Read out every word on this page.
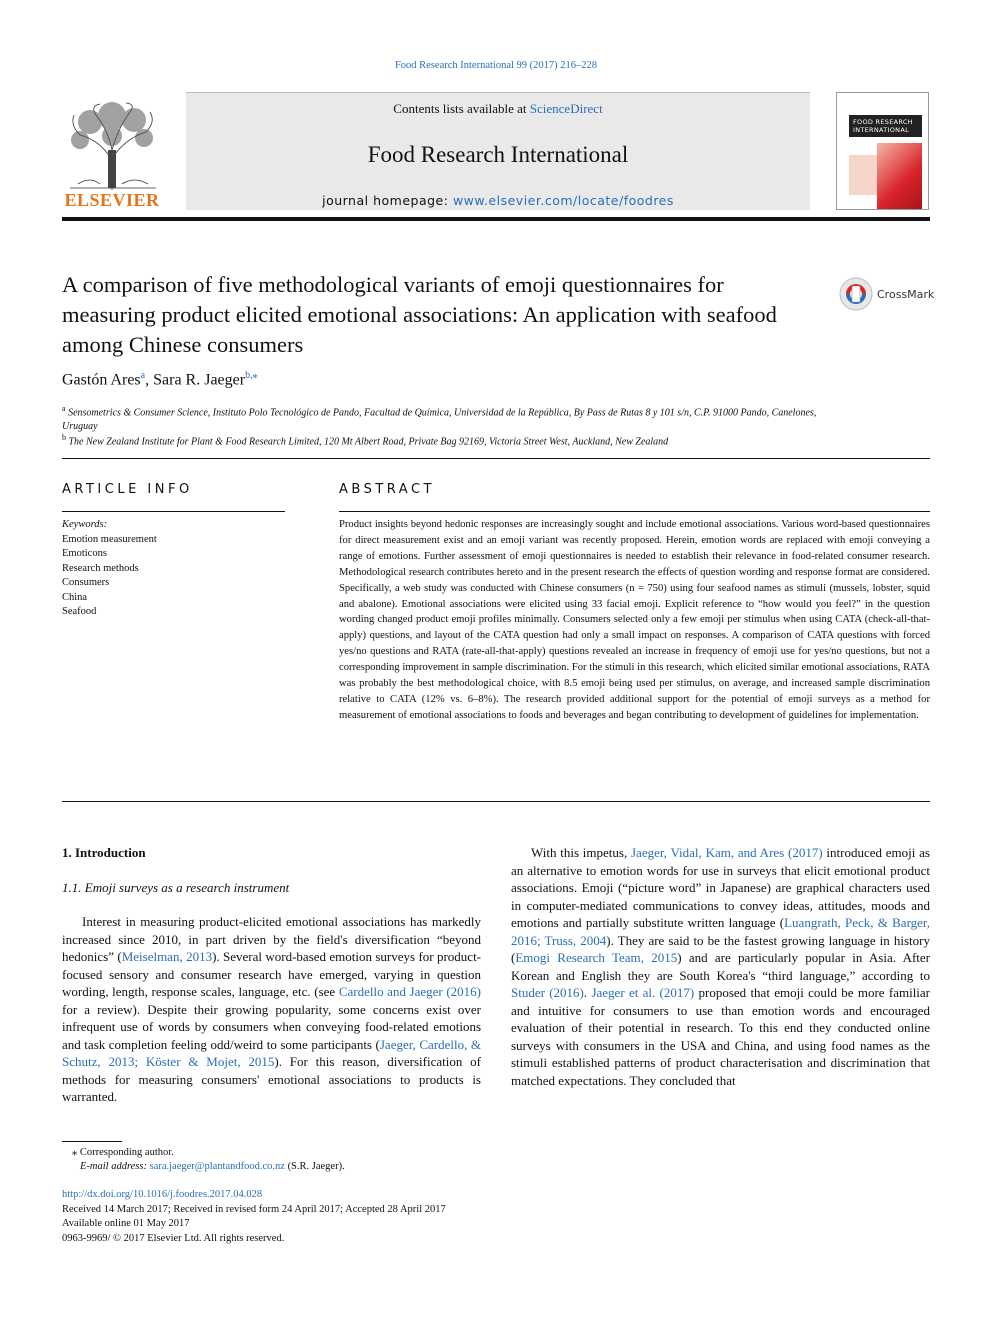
Food Research International 99 (2017) 216–228
Contents lists available at ScienceDirect
Food Research International
journal homepage: www.elsevier.com/locate/foodres
ELSEVIER
FOOD RESEARCH INTERNATIONAL
A comparison of five methodological variants of emoji questionnaires for measuring product elicited emotional associations: An application with seafood among Chinese consumers
CrossMark
Gastón Ares$^a$, Sara R. Jaeger$^{b,⁎}$
$^a$ Sensometrics & Consumer Science, Instituto Polo Tecnológico de Pando, Facultad de Química, Universidad de la República, By Pass de Rutas 8 y 101 s/n, C.P. 91000 Pando, Canelones, Uruguay
$^b$ The New Zealand Institute for Plant & Food Research Limited, 120 Mt Albert Road, Private Bag 92169, Victoria Street West, Auckland, New Zealand
ARTICLE INFO
Keywords:
Emotion measurement
Emoticons
Research methods
Consumers
China
Seafood
ABSTRACT
Product insights beyond hedonic responses are increasingly sought and include emotional associations. Various word-based questionnaires for direct measurement exist and an emoji variant was recently proposed. Herein, emotion words are replaced with emoji conveying a range of emotions. Further assessment of emoji questionnaires is needed to establish their relevance in food-related consumer research. Methodological research contributes hereto and in the present research the effects of question wording and response format are considered. Specifically, a web study was conducted with Chinese consumers (n = 750) using four seafood names as stimuli (mussels, lobster, squid and abalone). Emotional associations were elicited using 33 facial emoji. Explicit reference to “how would you feel?” in the question wording changed product emoji profiles minimally. Consumers selected only a few emoji per stimulus when using CATA (check-all-that-apply) questions, and layout of the CATA question had only a small impact on responses. A comparison of CATA questions with forced yes/no questions and RATA (rate-all-that-apply) questions revealed an increase in frequency of emoji use for yes/no questions, but not a corresponding improvement in sample discrimination. For the stimuli in this research, which elicited similar emotional associations, RATA was probably the best methodological choice, with 8.5 emoji being used per stimulus, on average, and increased sample discrimination relative to CATA (12% vs. 6–8%). The research provided additional support for the potential of emoji surveys as a method for measurement of emotional associations to foods and beverages and began contributing to development of guidelines for implementation.
1. Introduction
1.1. Emoji surveys as a research instrument
Interest in measuring product-elicited emotional associations has markedly increased since 2010, in part driven by the field's diversification “beyond hedonics” (Meiselman, 2013). Several word-based emotion surveys for product-focused sensory and consumer research have emerged, varying in question wording, length, response scales, language, etc. (see Cardello and Jaeger (2016) for a review). Despite their growing popularity, some concerns exist over infrequent use of words by consumers when conveying food-related emotions and task completion feeling odd/weird to some participants (Jaeger, Cardello, & Schutz, 2013; Köster & Mojet, 2015). For this reason, diversification of methods for measuring consumers' emotional associations to products is warranted.
With this impetus, Jaeger, Vidal, Kam, and Ares (2017) introduced emoji as an alternative to emotion words for use in surveys that elicit emotional product associations. Emoji (“picture word” in Japanese) are graphical characters used in computer-mediated communications to convey ideas, attitudes, moods and emotions and partially substitute written language (Luangrath, Peck, & Barger, 2016; Truss, 2004). They are said to be the fastest growing language in history (Emogi Research Team, 2015) and are particularly popular in Asia. After Korean and English they are South Korea's “third language,” according to Studer (2016). Jaeger et al. (2017) proposed that emoji could be more familiar and intuitive for consumers to use than emotion words and encouraged evaluation of their potential in research. To this end they conducted online surveys with consumers in the USA and China, and using food names as the stimuli established patterns of product characterisation and discrimination that matched expectations. They concluded that
⁎ Corresponding author.
E-mail address: sara.jaeger@plantandfood.co.nz (S.R. Jaeger).
http://dx.doi.org/10.1016/j.foodres.2017.04.028
Received 14 March 2017; Received in revised form 24 April 2017; Accepted 28 April 2017
Available online 01 May 2017
0963-9969/ © 2017 Elsevier Ltd. All rights reserved.
